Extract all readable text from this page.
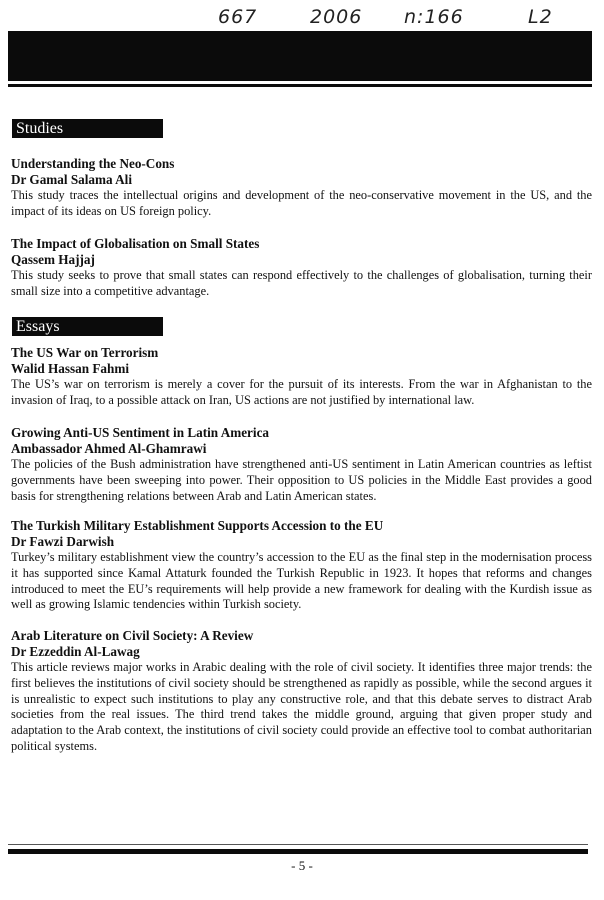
667	2006 n:166	L2
Studies
Understanding the Neo-Cons
Dr Gamal Salama Ali
This study traces the intellectual origins and development of the neo-conservative movement in the US, and the impact of its ideas on US foreign policy.
The Impact of Globalisation on Small States
Qassem Hajjaj
This study seeks to prove that small states can respond effectively to the challenges of globalisation, turning their small size into a competitive advantage.
Essays
The US War on Terrorism
Walid Hassan Fahmi
The US’s war on terrorism is merely a cover for the pursuit of its interests. From the war in Afghanistan to the invasion of Iraq, to a possible attack on Iran, US actions are not justified by international law.
Growing Anti-US Sentiment in Latin America
Ambassador Ahmed Al-Ghamrawi
The policies of the Bush administration have strengthened anti-US sentiment in Latin American countries as leftist governments have been sweeping into power. Their opposition to US policies in the Middle East provides a good basis for strengthening relations between Arab and Latin American states.
The Turkish Military Establishment Supports Accession to the EU
Dr Fawzi Darwish
Turkey’s military establishment view the country’s accession to the EU as the final step in the modernisation process it has supported since Kamal Attaturk founded the Turkish Republic in 1923. It hopes that reforms and changes introduced to meet the EU’s requirements will help provide a new framework for dealing with the Kurdish issue as well as growing Islamic tendencies within Turkish society.
Arab Literature on Civil Society: A Review
Dr Ezzeddin Al-Lawag
This article reviews major works in Arabic dealing with the role of civil society. It identifies three major trends: the first believes the institutions of civil society should be strengthened as rapidly as possible, while the second argues it is unrealistic to expect such institutions to play any constructive role, and that this debate serves to distract Arab societies from the real issues. The third trend takes the middle ground, arguing that given proper study and adaptation to the Arab context, the institutions of civil society could provide an effective tool to combat authoritarian political systems.
- 5 -
